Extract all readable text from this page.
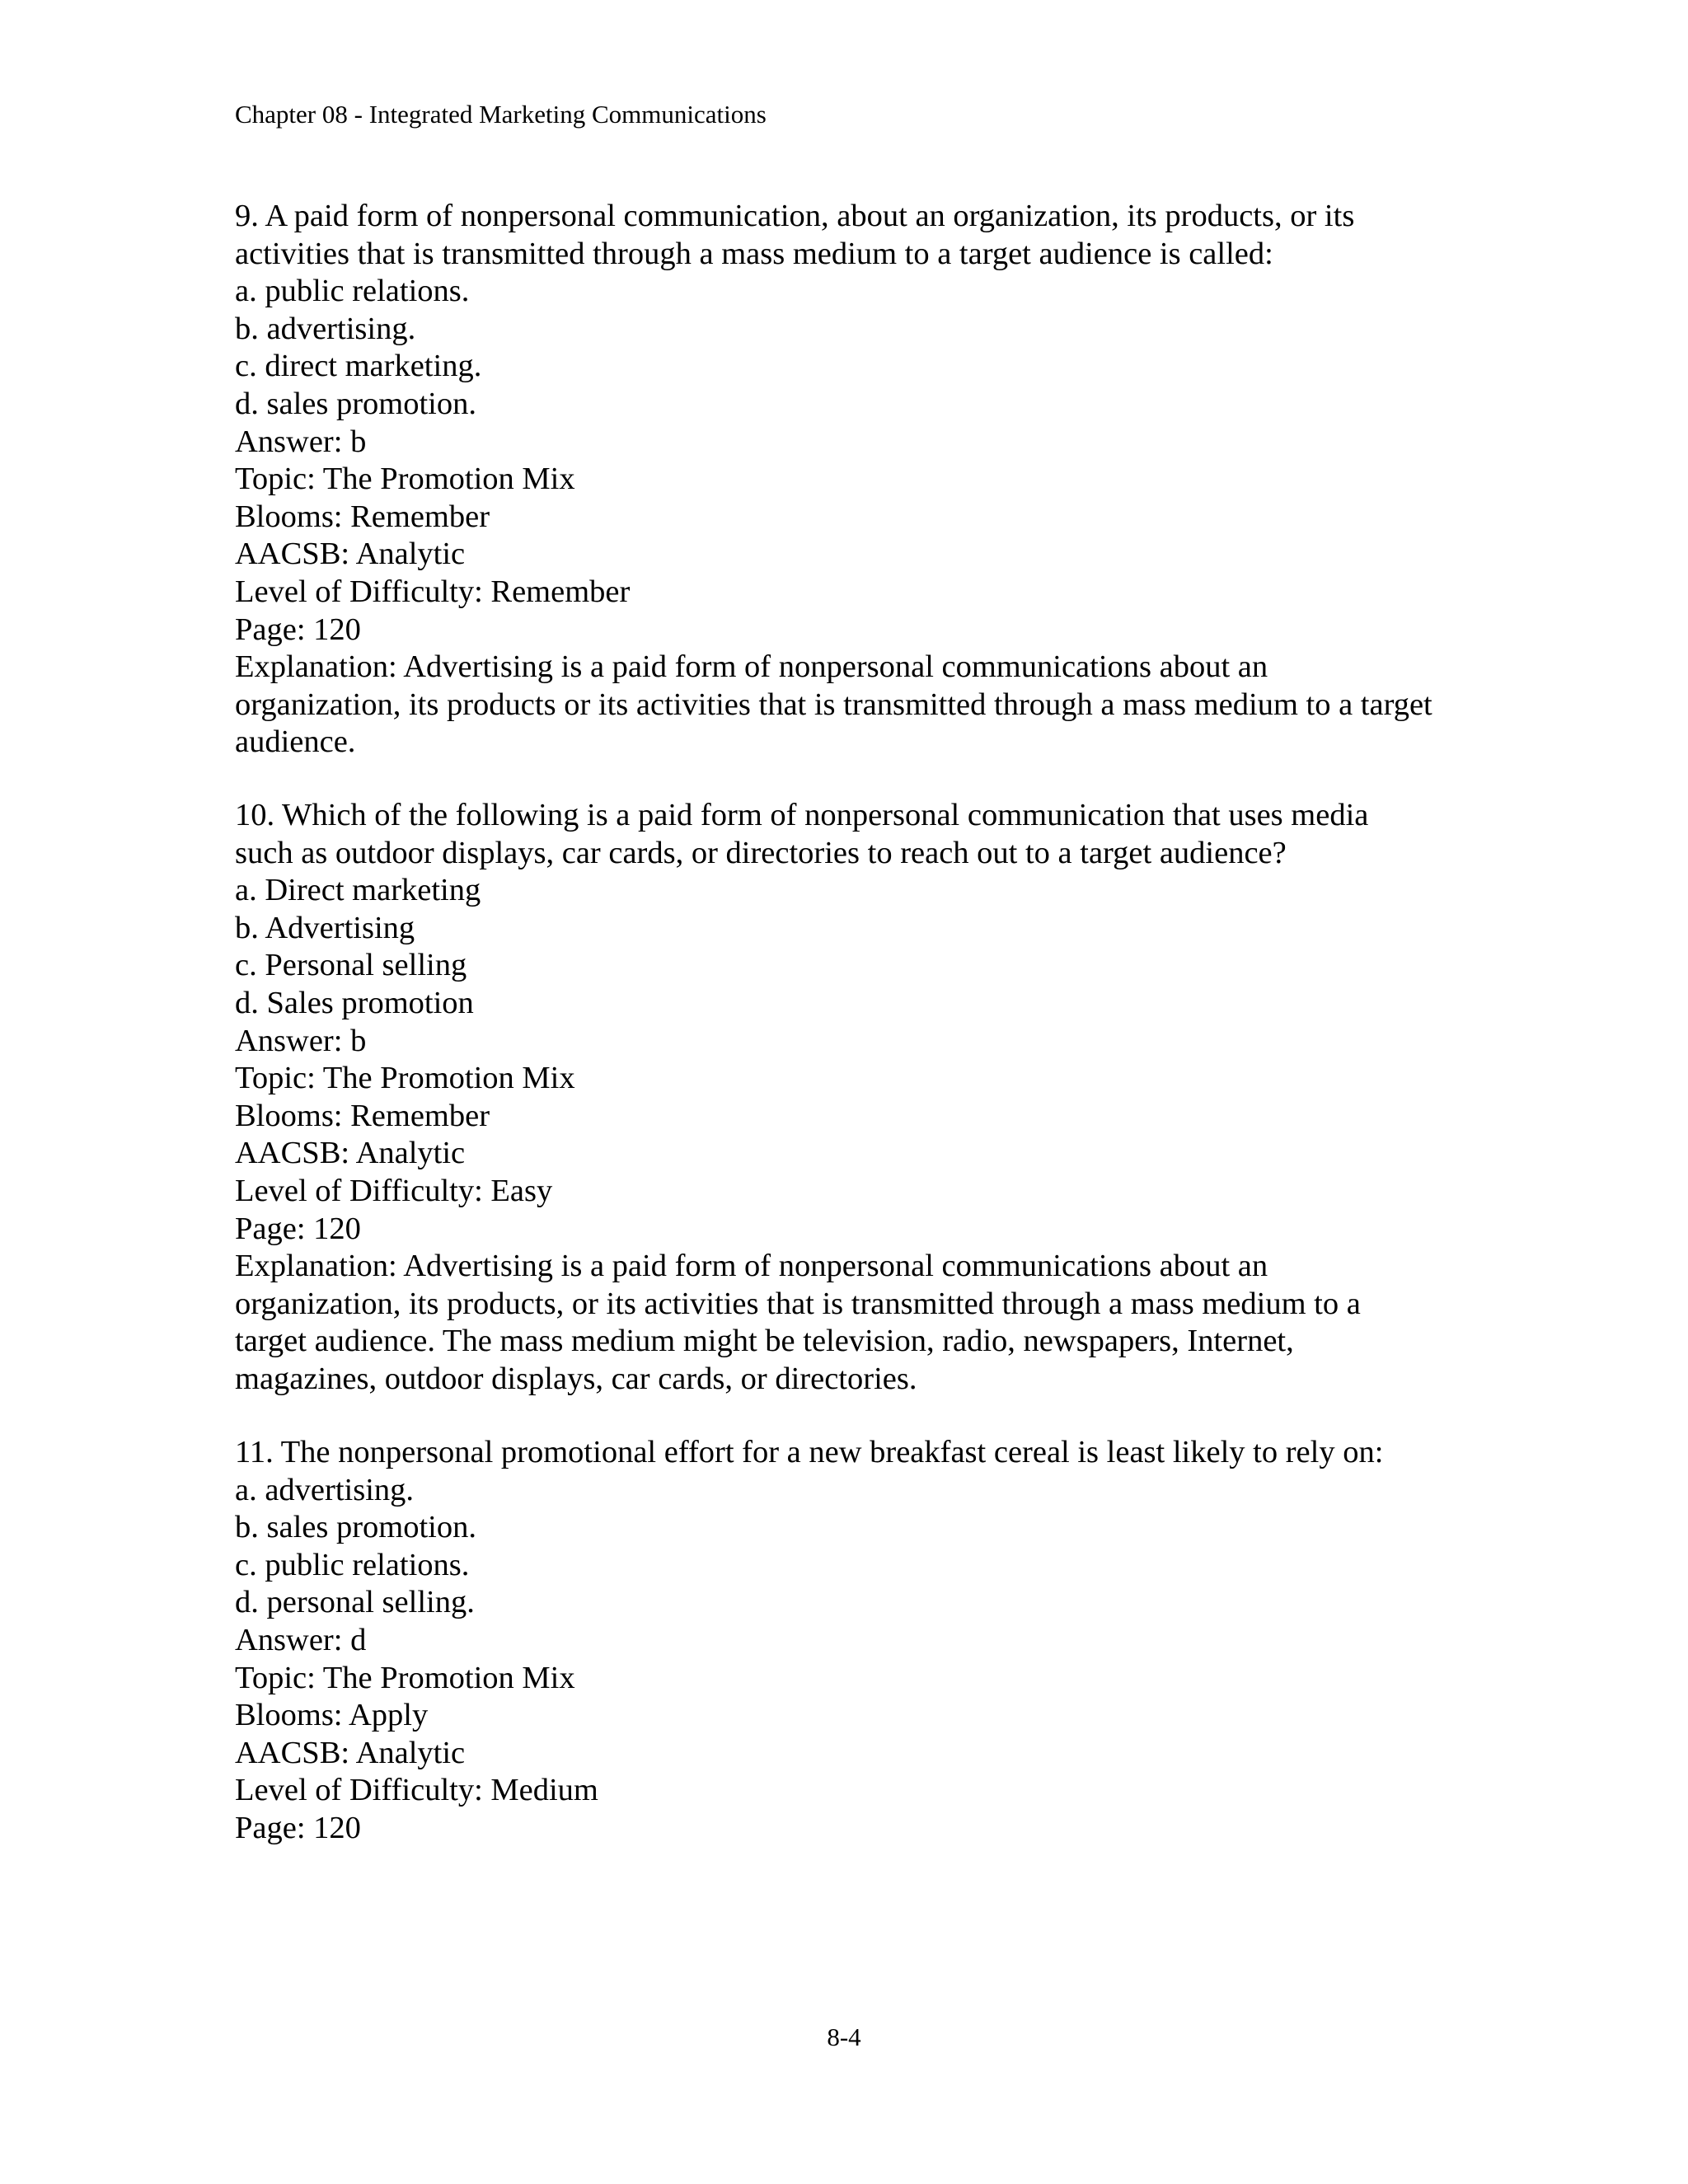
Chapter 08 - Integrated Marketing Communications
9. A paid form of nonpersonal communication, about an organization, its products, or its
activities that is transmitted through a mass medium to a target audience is called:
a. public relations.
b. advertising.
c. direct marketing.
d. sales promotion.
Answer: b
Topic: The Promotion Mix
Blooms: Remember
AACSB: Analytic
Level of Difficulty: Remember
Page: 120
Explanation: Advertising is a paid form of nonpersonal communications about an
organization, its products or its activities that is transmitted through a mass medium to a target
audience.
10. Which of the following is a paid form of nonpersonal communication that uses media
such as outdoor displays, car cards, or directories to reach out to a target audience?
a. Direct marketing
b. Advertising
c. Personal selling
d. Sales promotion
Answer: b
Topic: The Promotion Mix
Blooms: Remember
AACSB: Analytic
Level of Difficulty: Easy
Page: 120
Explanation: Advertising is a paid form of nonpersonal communications about an
organization, its products, or its activities that is transmitted through a mass medium to a
target audience. The mass medium might be television, radio, newspapers, Internet,
magazines, outdoor displays, car cards, or directories.
11. The nonpersonal promotional effort for a new breakfast cereal is least likely to rely on:
a. advertising.
b. sales promotion.
c. public relations.
d. personal selling.
Answer: d
Topic: The Promotion Mix
Blooms: Apply
AACSB: Analytic
Level of Difficulty: Medium
Page: 120
8-4
